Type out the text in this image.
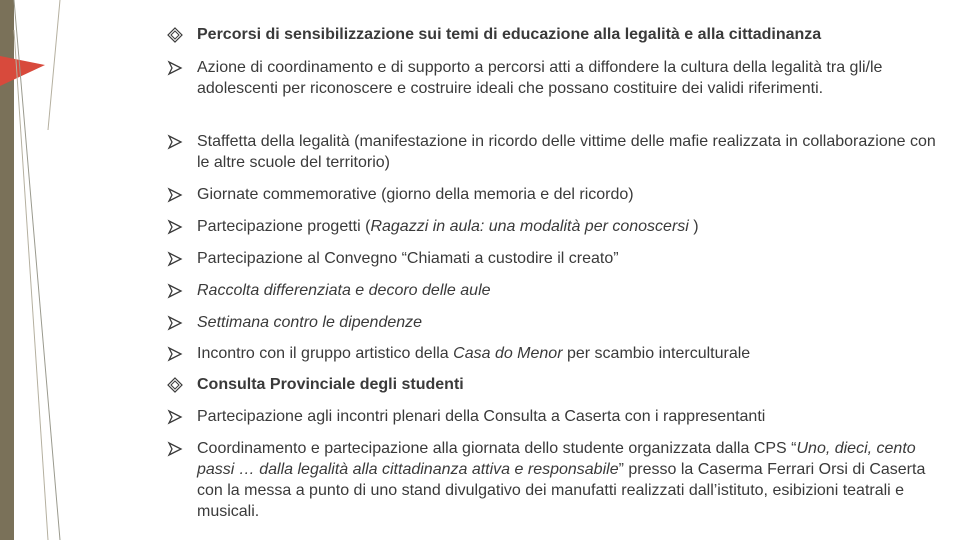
Percorsi di sensibilizzazione sui temi di educazione alla legalità e alla cittadinanza
Azione di coordinamento e di supporto a percorsi atti a diffondere la cultura della legalità tra gli/le adolescenti per riconoscere e costruire ideali che possano costituire dei validi riferimenti.
Staffetta della legalità (manifestazione in ricordo delle vittime delle mafie realizzata in collaborazione con le altre scuole del territorio)
Giornate commemorative (giorno della memoria e del ricordo)
Partecipazione progetti (Ragazzi in aula: una modalità per conoscersi )
Partecipazione al Convegno “Chiamati a custodire il creato”
Raccolta differenziata e decoro delle aule
Settimana contro le dipendenze
Incontro con il gruppo artistico della Casa do Menor per scambio interculturale
Consulta Provinciale degli studenti
Partecipazione agli incontri plenari della Consulta a Caserta con i rappresentanti
Coordinamento e partecipazione alla giornata dello studente organizzata dalla CPS “Uno, dieci, cento passi … dalla legalità alla cittadinanza attiva e responsabile” presso la Caserma Ferrari Orsi di Caserta con la messa a punto di uno stand divulgativo dei manufatti realizzati dall’istituto, esibizioni teatrali e musicali.
